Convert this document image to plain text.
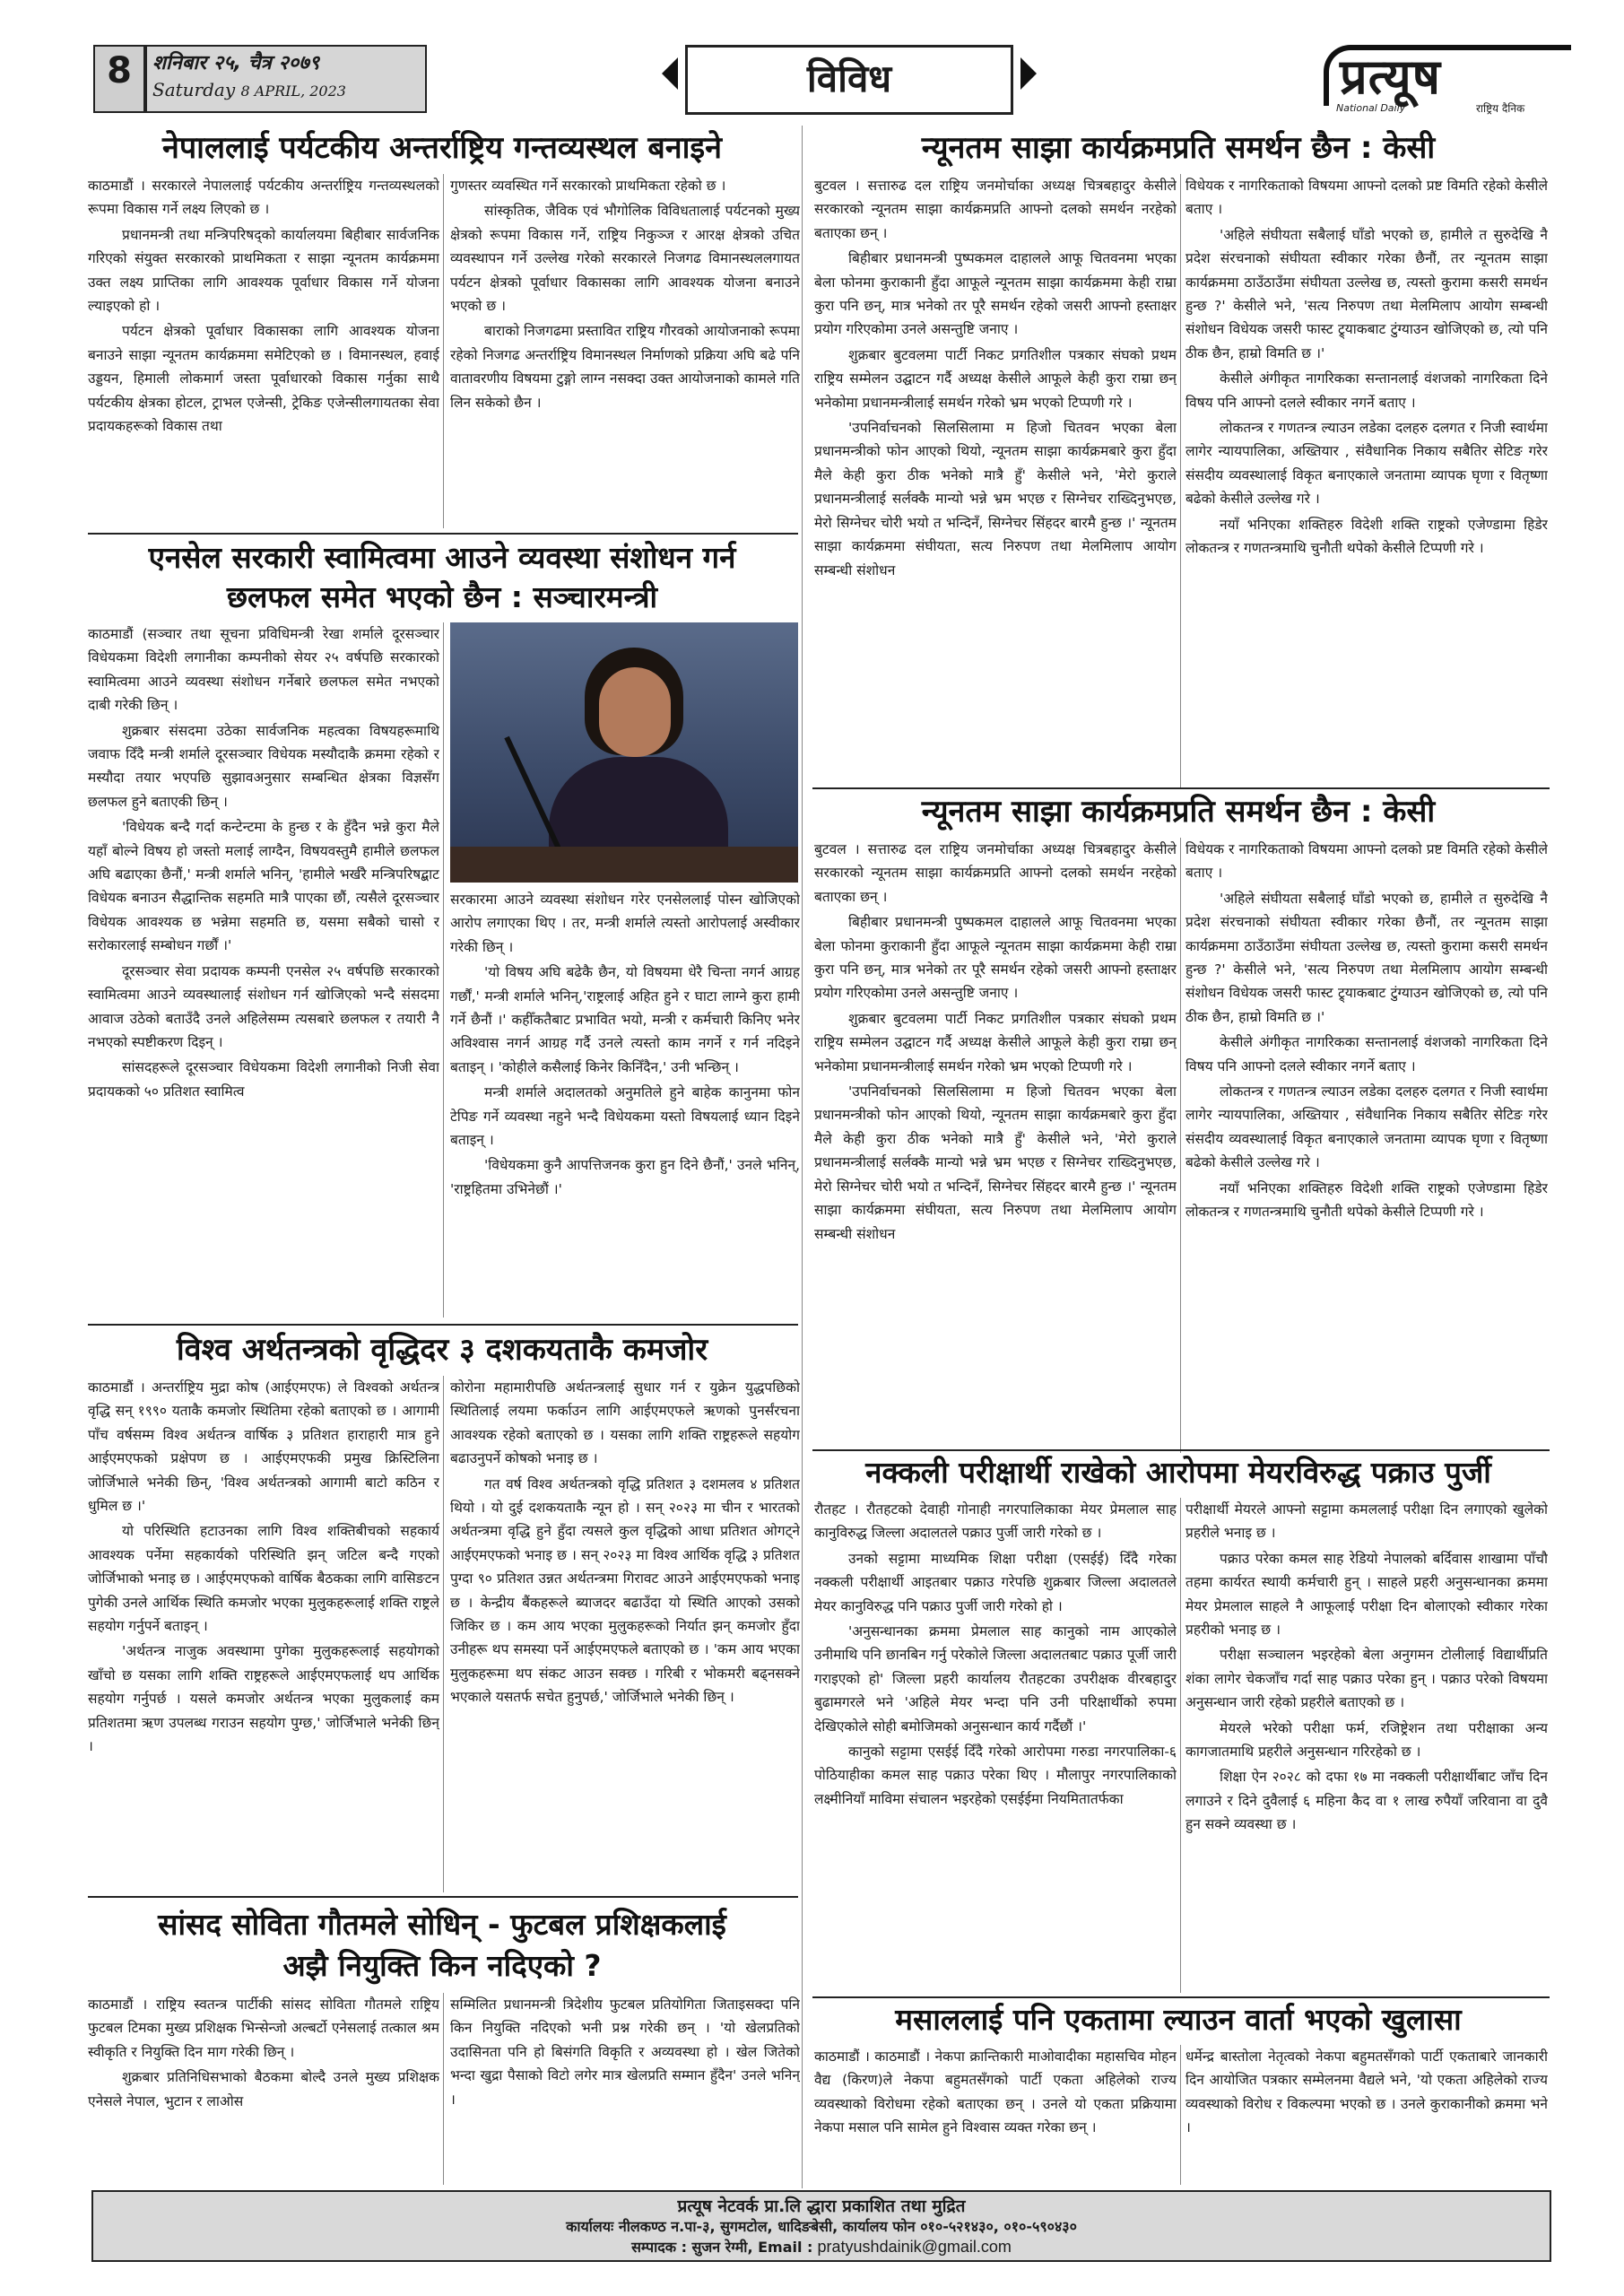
8	शनिबार २५, चैत्र २०७९
Saturday 8 APRIL, 2023	विविध	प्रत्यूष
National Daily	राष्ट्रिय दैनिक
नेपाललाई पर्यटकीय अन्तर्राष्ट्रिय गन्तव्यस्थल बनाइने

काठमाडौं । सरकारले नेपाललाई पर्यटकीय अन्तर्राष्ट्रिय गन्तव्यस्थलको रूपमा विकास गर्ने लक्ष्य लिएको छ ।

प्रधानमन्त्री तथा मन्त्रिपरिषद्को कार्यालयमा बिहीबार सार्वजनिक गरिएको संयुक्त सरकारको प्राथमिकता र साझा न्यूनतम कार्यक्रममा उक्त लक्ष्य प्राप्तिका लागि आवश्यक पूर्वाधार विकास गर्ने योजना ल्याइएको हो ।

पर्यटन क्षेत्रको पूर्वाधार विकासका लागि आवश्यक योजना बनाउने साझा न्यूनतम कार्यक्रममा समेटिएको छ । विमानस्थल, हवाई उड्डयन, हिमाली लोकमार्ग जस्ता पूर्वाधारको विकास गर्नुका साथै पर्यटकीय क्षेत्रका होटल, ट्राभल एजेन्सी, ट्रेकिङ एजेन्सीलगायतका सेवा प्रदायकहरूको विकास तथा

गुणस्तर व्यवस्थित गर्ने सरकारको प्राथमिकता रहेको छ ।

सांस्कृतिक, जैविक एवं भौगोलिक विविधतालाई पर्यटनको मुख्य क्षेत्रको रूपमा विकास गर्ने, राष्ट्रिय निकुञ्ज र आरक्ष क्षेत्रको उचित व्यवस्थापन गर्ने उल्लेख गरेको सरकारले निजगढ विमानस्थललगायत पर्यटन क्षेत्रको पूर्वाधार विकासका लागि आवश्यक योजना बनाउने भएको छ ।

बाराको निजगढमा प्रस्तावित राष्ट्रिय गौरवको आयोजनाको रूपमा रहेको निजगढ अन्तर्राष्ट्रिय विमानस्थल निर्माणको प्रक्रिया अघि बढे पनि वातावरणीय विषयमा टुङ्गो लाग्न नसक्दा उक्त आयोजनाको कामले गति लिन सकेको छैन ।

एनसेल सरकारी स्वामित्वमा आउने व्यवस्था संशोधन गर्न
छलफल समेत भएको छैन : सञ्चारमन्त्री

काठमाडौं (सञ्चार तथा सूचना प्रविधिमन्त्री रेखा शर्माले दूरसञ्चार विधेयकमा विदेशी लगानीका कम्पनीको सेयर २५ वर्षपछि सरकारको स्वामित्वमा आउने व्यवस्था संशोधन गर्नेबारे छलफल समेत नभएको दाबी गरेकी छिन् ।

शुक्रबार संसदमा उठेका सार्वजनिक महत्वका विषयहरूमाथि जवाफ दिँदै मन्त्री शर्माले दूरसञ्चार विधेयक मस्यौदाकै क्रममा रहेको र मस्यौदा तयार भएपछि सुझावअनुसार सम्बन्धित क्षेत्रका विज्ञसँग छलफल हुने बताएकी छिन् ।

'विधेयक बन्दै गर्दा कन्टेन्टमा के हुन्छ र के हुँदैन भन्ने कुरा मैले यहाँ बोल्ने विषय हो जस्तो मलाई लाग्दैन, विषयवस्तुमै हामीले छलफल अघि बढाएका छैनौं,' मन्त्री शर्माले भनिन्, 'हामीले भर्खरै मन्त्रिपरिषद्बाट विधेयक बनाउन सैद्धान्तिक सहमति मात्रै पाएका छौं, त्यसैले दूरसञ्चार विधेयक आवश्यक छ भन्नेमा सहमति छ, यसमा सबैको चासो र सरोकारलाई सम्बोधन गर्छौं ।'

दूरसञ्चार सेवा प्रदायक कम्पनी एनसेल २५ वर्षपछि सरकारको स्वामित्वमा आउने व्यवस्थालाई संशोधन गर्न खोजिएको भन्दै संसदमा आवाज उठेको बताउँदै उनले अहिलेसम्म त्यसबारे छलफल र तयारी नै नभएको स्पष्टीकरण दिइन् ।

सांसदहरूले दूरसञ्चार विधेयकमा विदेशी लगानीको निजी सेवा प्रदायकको ५० प्रतिशत स्वामित्व

सरकारमा आउने व्यवस्था संशोधन गरेर एनसेललाई पोस्न खोजिएको आरोप लगाएका थिए । तर, मन्त्री शर्माले त्यस्तो आरोपलाई अस्वीकार गरेकी छिन् ।

'यो विषय अघि बढेकै छैन, यो विषयमा धेरै चिन्ता नगर्न आग्रह गर्छौं,' मन्त्री शर्माले भनिन्,'राष्ट्रलाई अहित हुने र घाटा लाग्ने कुरा हामी गर्ने छैनौं ।' कहीँकतैबाट प्रभावित भयो, मन्त्री र कर्मचारी किनिए भनेर अविश्वास नगर्न आग्रह गर्दै उनले त्यस्तो काम नगर्ने र गर्न नदिइने बताइन् । 'कोहीले कसैलाई किनेर किनिँदैन,' उनी भन्छिन् ।

मन्त्री शर्माले अदालतको अनुमतिले हुने बाहेक कानुनमा फोन टेपिङ गर्ने व्यवस्था नहुने भन्दै विधेयकमा यस्तो विषयलाई ध्यान दिइने बताइन् ।

'विधेयकमा कुनै आपत्तिजनक कुरा हुन दिने छैनौं,' उनले भनिन्, 'राष्ट्रहितमा उभिनेछौं ।'

विश्व अर्थतन्त्रको वृद्धिदर ३ दशकयताकै कमजोर

काठमाडौं । अन्तर्राष्ट्रिय मुद्रा कोष (आईएमएफ) ले विश्वको अर्थतन्त्र वृद्धि सन् १९९० यताकै कमजोर स्थितिमा रहेको बताएको छ । आगामी पाँच वर्षसम्म विश्व अर्थतन्त्र वार्षिक ३ प्रतिशत हाराहारी मात्र हुने आईएमएफको प्रक्षेपण छ । आईएमएफकी प्रमुख क्रिस्टिलिना जोर्जिभाले भनेकी छिन्, 'विश्व अर्थतन्त्रको आगामी बाटो कठिन र धुमिल छ ।'

यो परिस्थिति हटाउनका लागि विश्व शक्तिबीचको सहकार्य आवश्यक पर्नेमा सहकार्यको परिस्थिति झन् जटिल बन्दै गएको जोर्जिभाको भनाइ छ । आईएमएफको वार्षिक बैठकका लागि वासिङटन पुगेकी उनले आर्थिक स्थिति कमजोर भएका मुलुकहरूलाई शक्ति राष्ट्रले सहयोग गर्नुपर्ने बताइन् ।

'अर्थतन्त्र नाजुक अवस्थामा पुगेका मुलुकहरूलाई सहयोगको खाँचो छ यसका लागि शक्ति राष्ट्रहरूले आईएमएफलाई थप आर्थिक सहयोग गर्नुपर्छ । यसले कमजोर अर्थतन्त्र भएका मुलुकलाई कम प्रतिशतमा ऋण उपलब्ध गराउन सहयोग पुग्छ,' जोर्जिभाले भनेकी छिन् ।

कोरोना महामारीपछि अर्थतन्त्रलाई सुधार गर्न र युक्रेन युद्धपछिको स्थितिलाई लयमा फर्काउन लागि आईएमएफले ऋणको पुनर्संरचना आवश्यक रहेको बताएको छ । यसका लागि शक्ति राष्ट्रहरूले सहयोग बढाउनुपर्ने कोषको भनाइ छ ।

गत वर्ष विश्व अर्थतन्त्रको वृद्धि प्रतिशत ३ दशमलव ४ प्रतिशत थियो । यो दुई दशकयताकै न्यून हो । सन् २०२३ मा चीन र भारतको अर्थतन्त्रमा वृद्धि हुने हुँदा त्यसले कुल वृद्धिको आधा प्रतिशत ओगट्ने आईएमएफको भनाइ छ । सन् २०२३ मा विश्व आर्थिक वृद्धि ३ प्रतिशत पुग्दा ९० प्रतिशत उन्नत अर्थतन्त्रमा गिरावट आउने आईएमएफको भनाइ छ । केन्द्रीय बैंकहरूले ब्याजदर बढाउँदा यो स्थिति आएको उसको जिकिर छ । कम आय भएका मुलुकहरूको निर्यात झन् कमजोर हुँदा उनीहरू थप समस्या पर्ने आईएमएफले बताएको छ । 'कम आय भएका मुलुकहरूमा थप संकट आउन सक्छ । गरिबी र भोकमरी बढ्नसक्ने भएकाले यसतर्फ सचेत हुनुपर्छ,' जोर्जिभाले भनेकी छिन् ।

सांसद सोविता गौतमले सोधिन् - फुटबल प्रशिक्षकलाई
अझै नियुक्ति किन नदिएको ?

काठमाडौं । राष्ट्रिय स्वतन्त्र पार्टीकी सांसद सोविता गौतमले राष्ट्रिय फुटबल टिमका मुख्य प्रशिक्षक भिन्सेन्जो अल्बर्टो एनेसलाई तत्काल श्रम स्वीकृति र नियुक्ति दिन माग गरेकी छिन् ।

शुक्रबार प्रतिनिधिसभाको बैठकमा बोल्दै उनले मुख्य प्रशिक्षक एनेसले नेपाल, भुटान र लाओस

सम्मिलित प्रधानमन्त्री त्रिदेशीय फुटबल प्रतियोगिता जिताइसक्दा पनि किन नियुक्ति नदिएको भनी प्रश्न गरेकी छन् । 'यो खेलप्रतिको उदासिनता पनि हो बिसंगति विकृति र अव्यवस्था हो । खेल जितेको भन्दा खुद्रा पैसाको विटो लगेर मात्र खेलप्रति सम्मान हुँदैन' उनले भनिन् ।

न्यूनतम साझा कार्यक्रमप्रति समर्थन छैन : केसी

बुटवल । सत्तारुढ दल राष्ट्रिय जनमोर्चाका अध्यक्ष चित्रबहादुर केसीले सरकारको न्यूनतम साझा कार्यक्रमप्रति आफ्नो दलको समर्थन नरहेको बताएका छन् ।

बिहीबार प्रधानमन्त्री पुष्पकमल दाहालले आफू चितवनमा भएका बेला फोनमा कुराकानी हुँदा आफूले न्यूनतम साझा कार्यक्रममा केही राम्रा कुरा पनि छन्, मात्र भनेको तर पूरै समर्थन रहेको जसरी आफ्नो हस्ताक्षर प्रयोग गरिएकोमा उनले असन्तुष्टि जनाए ।

शुक्रबार बुटवलमा पार्टी निकट प्रगतिशील पत्रकार संघको प्रथम राष्ट्रिय सम्मेलन उद्घाटन गर्दै अध्यक्ष केसीले आफूले केही कुरा राम्रा छन् भनेकोमा प्रधानमन्त्रीलाई समर्थन गरेको भ्रम भएको टिप्पणी गरे ।

'उपनिर्वाचनको सिलसिलामा म हिजो चितवन भएका बेला प्रधानमन्त्रीको फोन आएको थियो, न्यूनतम साझा कार्यक्रमबारे कुरा हुँदा मैले केही कुरा ठीक भनेको मात्रै हुँ' केसीले भने, 'मेरो कुराले प्रधानमन्त्रीलाई सर्लक्कै मान्यो भन्ने भ्रम भएछ र सिग्नेचर राख्दिनुभएछ, मेरो सिग्नेचर चोरी भयो त भन्दिनँ, सिग्नेचर सिंहदर बारमै हुन्छ ।' न्यूनतम साझा कार्यक्रममा संघीयता, सत्य निरुपण तथा मेलमिलाप आयोग सम्बन्धी संशोधन

विधेयक र नागरिकताको विषयमा आफ्नो दलको प्रष्ट विमति रहेको केसीले बताए ।

'अहिले संघीयता सबैलाई घाँडो भएको छ, हामीले त सुरुदेखि नै प्रदेश संरचनाको संघीयता स्वीकार गरेका छैनौं, तर न्यूनतम साझा कार्यक्रममा ठाउँठाउँमा संघीयता उल्लेख छ, त्यस्तो कुरामा कसरी समर्थन हुन्छ ?' केसीले भने, 'सत्य निरुपण तथा मेलमिलाप आयोग सम्बन्धी संशोधन विधेयक जसरी फास्ट ट्र्याकबाट टुंग्याउन खोजिएको छ, त्यो पनि ठीक छैन, हाम्रो विमति छ ।'

केसीले अंगीकृत नागरिकका सन्तानलाई वंशजको नागरिकता दिने विषय पनि आफ्नो दलले स्वीकार नगर्ने बताए ।

लोकतन्त्र र गणतन्त्र ल्याउन लडेका दलहरु दलगत र निजी स्वार्थमा लागेर न्यायपालिका, अख्तियार , संवैधानिक निकाय सबैतिर सेटिङ गरेर संसदीय व्यवस्थालाई विकृत बनाएकाले जनतामा व्यापक घृणा र वितृष्णा बढेको केसीले उल्लेख गरे ।

नयाँ भनिएका शक्तिहरु विदेशी शक्ति राष्ट्रको एजेण्डामा हिडेर लोकतन्त्र र गणतन्त्रमाथि चुनौती थपेको केसीले टिप्पणी गरे ।

न्यूनतम साझा कार्यक्रमप्रति समर्थन छैन : केसी

बुटवल । सत्तारुढ दल राष्ट्रिय जनमोर्चाका अध्यक्ष चित्रबहादुर केसीले सरकारको न्यूनतम साझा कार्यक्रमप्रति आफ्नो दलको समर्थन नरहेको बताएका छन् ।

बिहीबार प्रधानमन्त्री पुष्पकमल दाहालले आफू चितवनमा भएका बेला फोनमा कुराकानी हुँदा आफूले न्यूनतम साझा कार्यक्रममा केही राम्रा कुरा पनि छन्, मात्र भनेको तर पूरै समर्थन रहेको जसरी आफ्नो हस्ताक्षर प्रयोग गरिएकोमा उनले असन्तुष्टि जनाए ।

शुक्रबार बुटवलमा पार्टी निकट प्रगतिशील पत्रकार संघको प्रथम राष्ट्रिय सम्मेलन उद्घाटन गर्दै अध्यक्ष केसीले आफूले केही कुरा राम्रा छन् भनेकोमा प्रधानमन्त्रीलाई समर्थन गरेको भ्रम भएको टिप्पणी गरे ।

'उपनिर्वाचनको सिलसिलामा म हिजो चितवन भएका बेला प्रधानमन्त्रीको फोन आएको थियो, न्यूनतम साझा कार्यक्रमबारे कुरा हुँदा मैले केही कुरा ठीक भनेको मात्रै हुँ' केसीले भने, 'मेरो कुराले प्रधानमन्त्रीलाई सर्लक्कै मान्यो भन्ने भ्रम भएछ र सिग्नेचर राख्दिनुभएछ, मेरो सिग्नेचर चोरी भयो त भन्दिनँ, सिग्नेचर सिंहदर बारमै हुन्छ ।' न्यूनतम साझा कार्यक्रममा संघीयता, सत्य निरुपण तथा मेलमिलाप आयोग सम्बन्धी संशोधन

विधेयक र नागरिकताको विषयमा आफ्नो दलको प्रष्ट विमति रहेको केसीले बताए ।

'अहिले संघीयता सबैलाई घाँडो भएको छ, हामीले त सुरुदेखि नै प्रदेश संरचनाको संघीयता स्वीकार गरेका छैनौं, तर न्यूनतम साझा कार्यक्रममा ठाउँठाउँमा संघीयता उल्लेख छ, त्यस्तो कुरामा कसरी समर्थन हुन्छ ?' केसीले भने, 'सत्य निरुपण तथा मेलमिलाप आयोग सम्बन्धी संशोधन विधेयक जसरी फास्ट ट्र्याकबाट टुंग्याउन खोजिएको छ, त्यो पनि ठीक छैन, हाम्रो विमति छ ।'

केसीले अंगीकृत नागरिकका सन्तानलाई वंशजको नागरिकता दिने विषय पनि आफ्नो दलले स्वीकार नगर्ने बताए ।

लोकतन्त्र र गणतन्त्र ल्याउन लडेका दलहरु दलगत र निजी स्वार्थमा लागेर न्यायपालिका, अख्तियार , संवैधानिक निकाय सबैतिर सेटिङ गरेर संसदीय व्यवस्थालाई विकृत बनाएकाले जनतामा व्यापक घृणा र वितृष्णा बढेको केसीले उल्लेख गरे ।

नयाँ भनिएका शक्तिहरु विदेशी शक्ति राष्ट्रको एजेण्डामा हिडेर लोकतन्त्र र गणतन्त्रमाथि चुनौती थपेको केसीले टिप्पणी गरे ।

नक्कली परीक्षार्थी राखेको आरोपमा मेयरविरुद्ध पक्राउ पुर्जी

रौतहट । रौतहटको देवाही गोनाही नगरपालिकाका मेयर प्रेमलाल साह कानुविरुद्ध जिल्ला अदालतले पक्राउ पुर्जी जारी गरेको छ ।

उनको सट्टामा माध्यमिक शिक्षा परीक्षा (एसईई) दिँदै गरेका नक्कली परीक्षार्थी आइतबार पक्राउ गरेपछि शुक्रबार जिल्ला अदालतले मेयर कानुविरुद्ध पनि पक्राउ पुर्जी जारी गरेको हो ।

'अनुसन्धानका क्रममा प्रेमलाल साह कानुको नाम आएकोले उनीमाथि पनि छानबिन गर्नु परेकोले जिल्ला अदालतबाट पक्राउ पूर्जी जारी गराइएको हो' जिल्ला प्रहरी कार्यालय रौतहटका उपरीक्षक वीरबहादुर बुढामगरले भने 'अहिले मेयर भन्दा पनि उनी परिक्षार्थीको रुपमा देखिएकोले सोही बमोजिमको अनुसन्धान कार्य गर्दैछौं ।'

कानुको सट्टामा एसईई दिँदै गरेको आरोपमा गरुडा नगरपालिका-६ पोठियाहीका कमल साह पक्राउ परेका थिए । मौलापुर नगरपालिकाको लक्ष्मीनियाँ माविमा संचालन भइरहेको एसईईमा नियमितातर्फका

परीक्षार्थी मेयरले आफ्नो सट्टामा कमललाई परीक्षा दिन लगाएको खुलेको प्रहरीले भनाइ छ ।

पक्राउ परेका कमल साह रेडियो नेपालको बर्दिवास शाखामा पाँचौ तहमा कार्यरत स्थायी कर्मचारी हुन् । साहले प्रहरी अनुसन्धानका क्रममा मेयर प्रेमलाल साहले नै आफूलाई परीक्षा दिन बोलाएको स्वीकार गरेका प्रहरीको भनाइ छ ।

परीक्षा सञ्चालन भइरहेको बेला अनुगमन टोलीलाई विद्यार्थीप्रति शंका लागेर चेकजाँच गर्दा साह पक्राउ परेका हुन् । पक्राउ परेको विषयमा अनुसन्धान जारी रहेको प्रहरीले बताएको छ ।

मेयरले भरेको परीक्षा फर्म, रजिष्ट्रेशन तथा परीक्षाका अन्य कागजातमाथि प्रहरीले अनुसन्धान गरिरहेको छ ।

शिक्षा ऐन २०२८ को दफा १७ मा नक्कली परीक्षार्थीबाट जाँच दिन लगाउने र दिने दुवैलाई ६ महिना कैद वा १ लाख रुपैयाँ जरिवाना वा दुवै हुन सक्ने व्यवस्था छ ।

मसाललाई पनि एकतामा ल्याउन वार्ता भएको खुलासा

काठमाडौं । काठमाडौं । नेकपा क्रान्तिकारी माओवादीका महासचिव मोहन वैद्य (किरण)ले नेकपा बहुमतसँगको पार्टी एकता अहिलेको राज्य व्यवस्थाको विरोधमा रहेको बताएका छन् । उनले यो एकता प्रक्रियामा नेकपा मसाल पनि सामेल हुने विश्वास व्यक्त गरेका छन् ।

धर्मेन्द्र बास्तोला नेतृत्वको नेकपा बहुमतसँगको पार्टी एकताबारे जानकारी दिन आयोजित पत्रकार सम्मेलनमा वैद्यले भने, 'यो एकता अहिलेको राज्य व्यवस्थाको विरोध र विकल्पमा भएको छ । उनले कुराकानीको क्रममा भने ।

प्रत्यूष नेटवर्क प्रा.लि द्धारा प्रकाशित तथा मुद्रित
कार्यालयः नीलकण्ठ न.पा-३, सुगमटोल, धादिङबेसी, कार्यालय फोन ०१०-५२१४३०, ०१०-५९०४३०
सम्पादक : सुजन रेग्मी, Email : pratyushdainik@gmail.com
